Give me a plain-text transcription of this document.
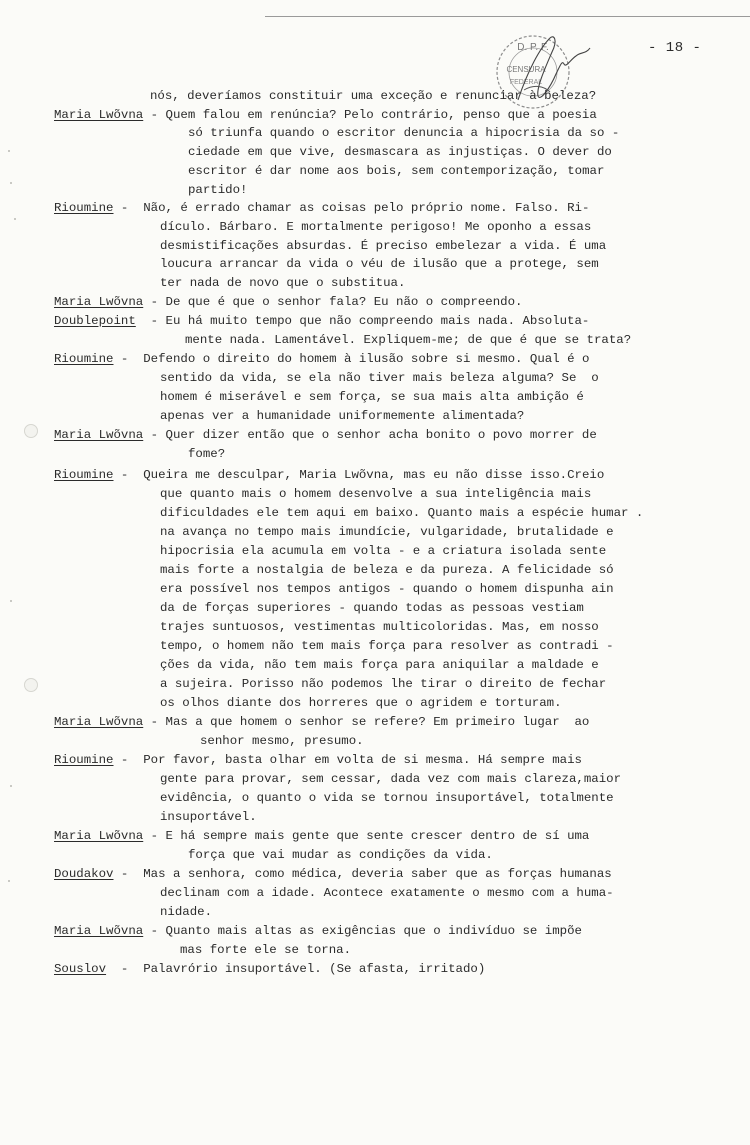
D. P. F.
CENSURA
FEDERAL
- 18 -
nós, deveríamos constituir uma exceção e renunciar à beleza?
Maria Lwõvna - Quem falou em renúncia? Pelo contrário, penso que a poesia
só triunfa quando o escritor denuncia a hipocrisia da so -
ciedade em que vive, desmascara as injustiças. O dever do
escritor é dar nome aos bois, sem contemporização, tomar
partido!
Rioumine -  Não, é errado chamar as coisas pelo próprio nome. Falso. Ri-
dículo. Bárbaro. E mortalmente perigoso! Me oponho a essas
desmistificações absurdas. É preciso embelezar a vida. É uma
loucura arrancar da vida o véu de ilusão que a protege, sem
ter nada de novo que o substitua.
Maria Lwõvna - De que é que o senhor fala? Eu não o compreendo.
Doublepoint  - Eu há muito tempo que não compreendo mais nada. Absoluta-
mente nada. Lamentável. Expliquem-me; de que é que se trata?
Rioumine -  Defendo o direito do homem à ilusão sobre si mesmo. Qual é o
sentido da vida, se ela não tiver mais beleza alguma? Se  o
homem é miserável e sem força, se sua mais alta ambição é
apenas ver a humanidade uniformemente alimentada?
Maria Lwõvna - Quer dizer então que o senhor acha bonito o povo morrer de
fome?
Rioumine -  Queira me desculpar, Maria Lwõvna, mas eu não disse isso.Creio
que quanto mais o homem desenvolve a sua inteligência mais
dificuldades ele tem aqui em baixo. Quanto mais a espécie humar .
na avança no tempo mais imundície, vulgaridade, brutalidade e
hipocrisia ela acumula em volta - e a criatura isolada sente
mais forte a nostalgia de beleza e da pureza. A felicidade só
era possível nos tempos antigos - quando o homem dispunha ain
da de forças superiores - quando todas as pessoas vestiam
trajes suntuosos, vestimentas multicoloridas. Mas, em nosso
tempo, o homem não tem mais força para resolver as contradi -
ções da vida, não tem mais força para aniquilar a maldade e
a sujeira. Porisso não podemos lhe tirar o direito de fechar
os olhos diante dos horreres que o agridem e torturam.
Maria Lwõvna - Mas a que homem o senhor se refere? Em primeiro lugar  ao
senhor mesmo, presumo.
Rioumine -  Por favor, basta olhar em volta de si mesma. Há sempre mais
gente para provar, sem cessar, dada vez com mais clareza,maior
evidência, o quanto o vida se tornou insuportável, totalmente
insuportável.
Maria Lwõvna - E há sempre mais gente que sente crescer dentro de sí uma
força que vai mudar as condições da vida.
Doudakov -  Mas a senhora, como médica, deveria saber que as forças humanas
declinam com a idade. Acontece exatamente o mesmo com a huma-
nidade.
Maria Lwõvna - Quanto mais altas as exigências que o indivíduo se impõe
mas forte ele se torna.
Souslov  -  Palavrório insuportável. (Se afasta, irritado)
